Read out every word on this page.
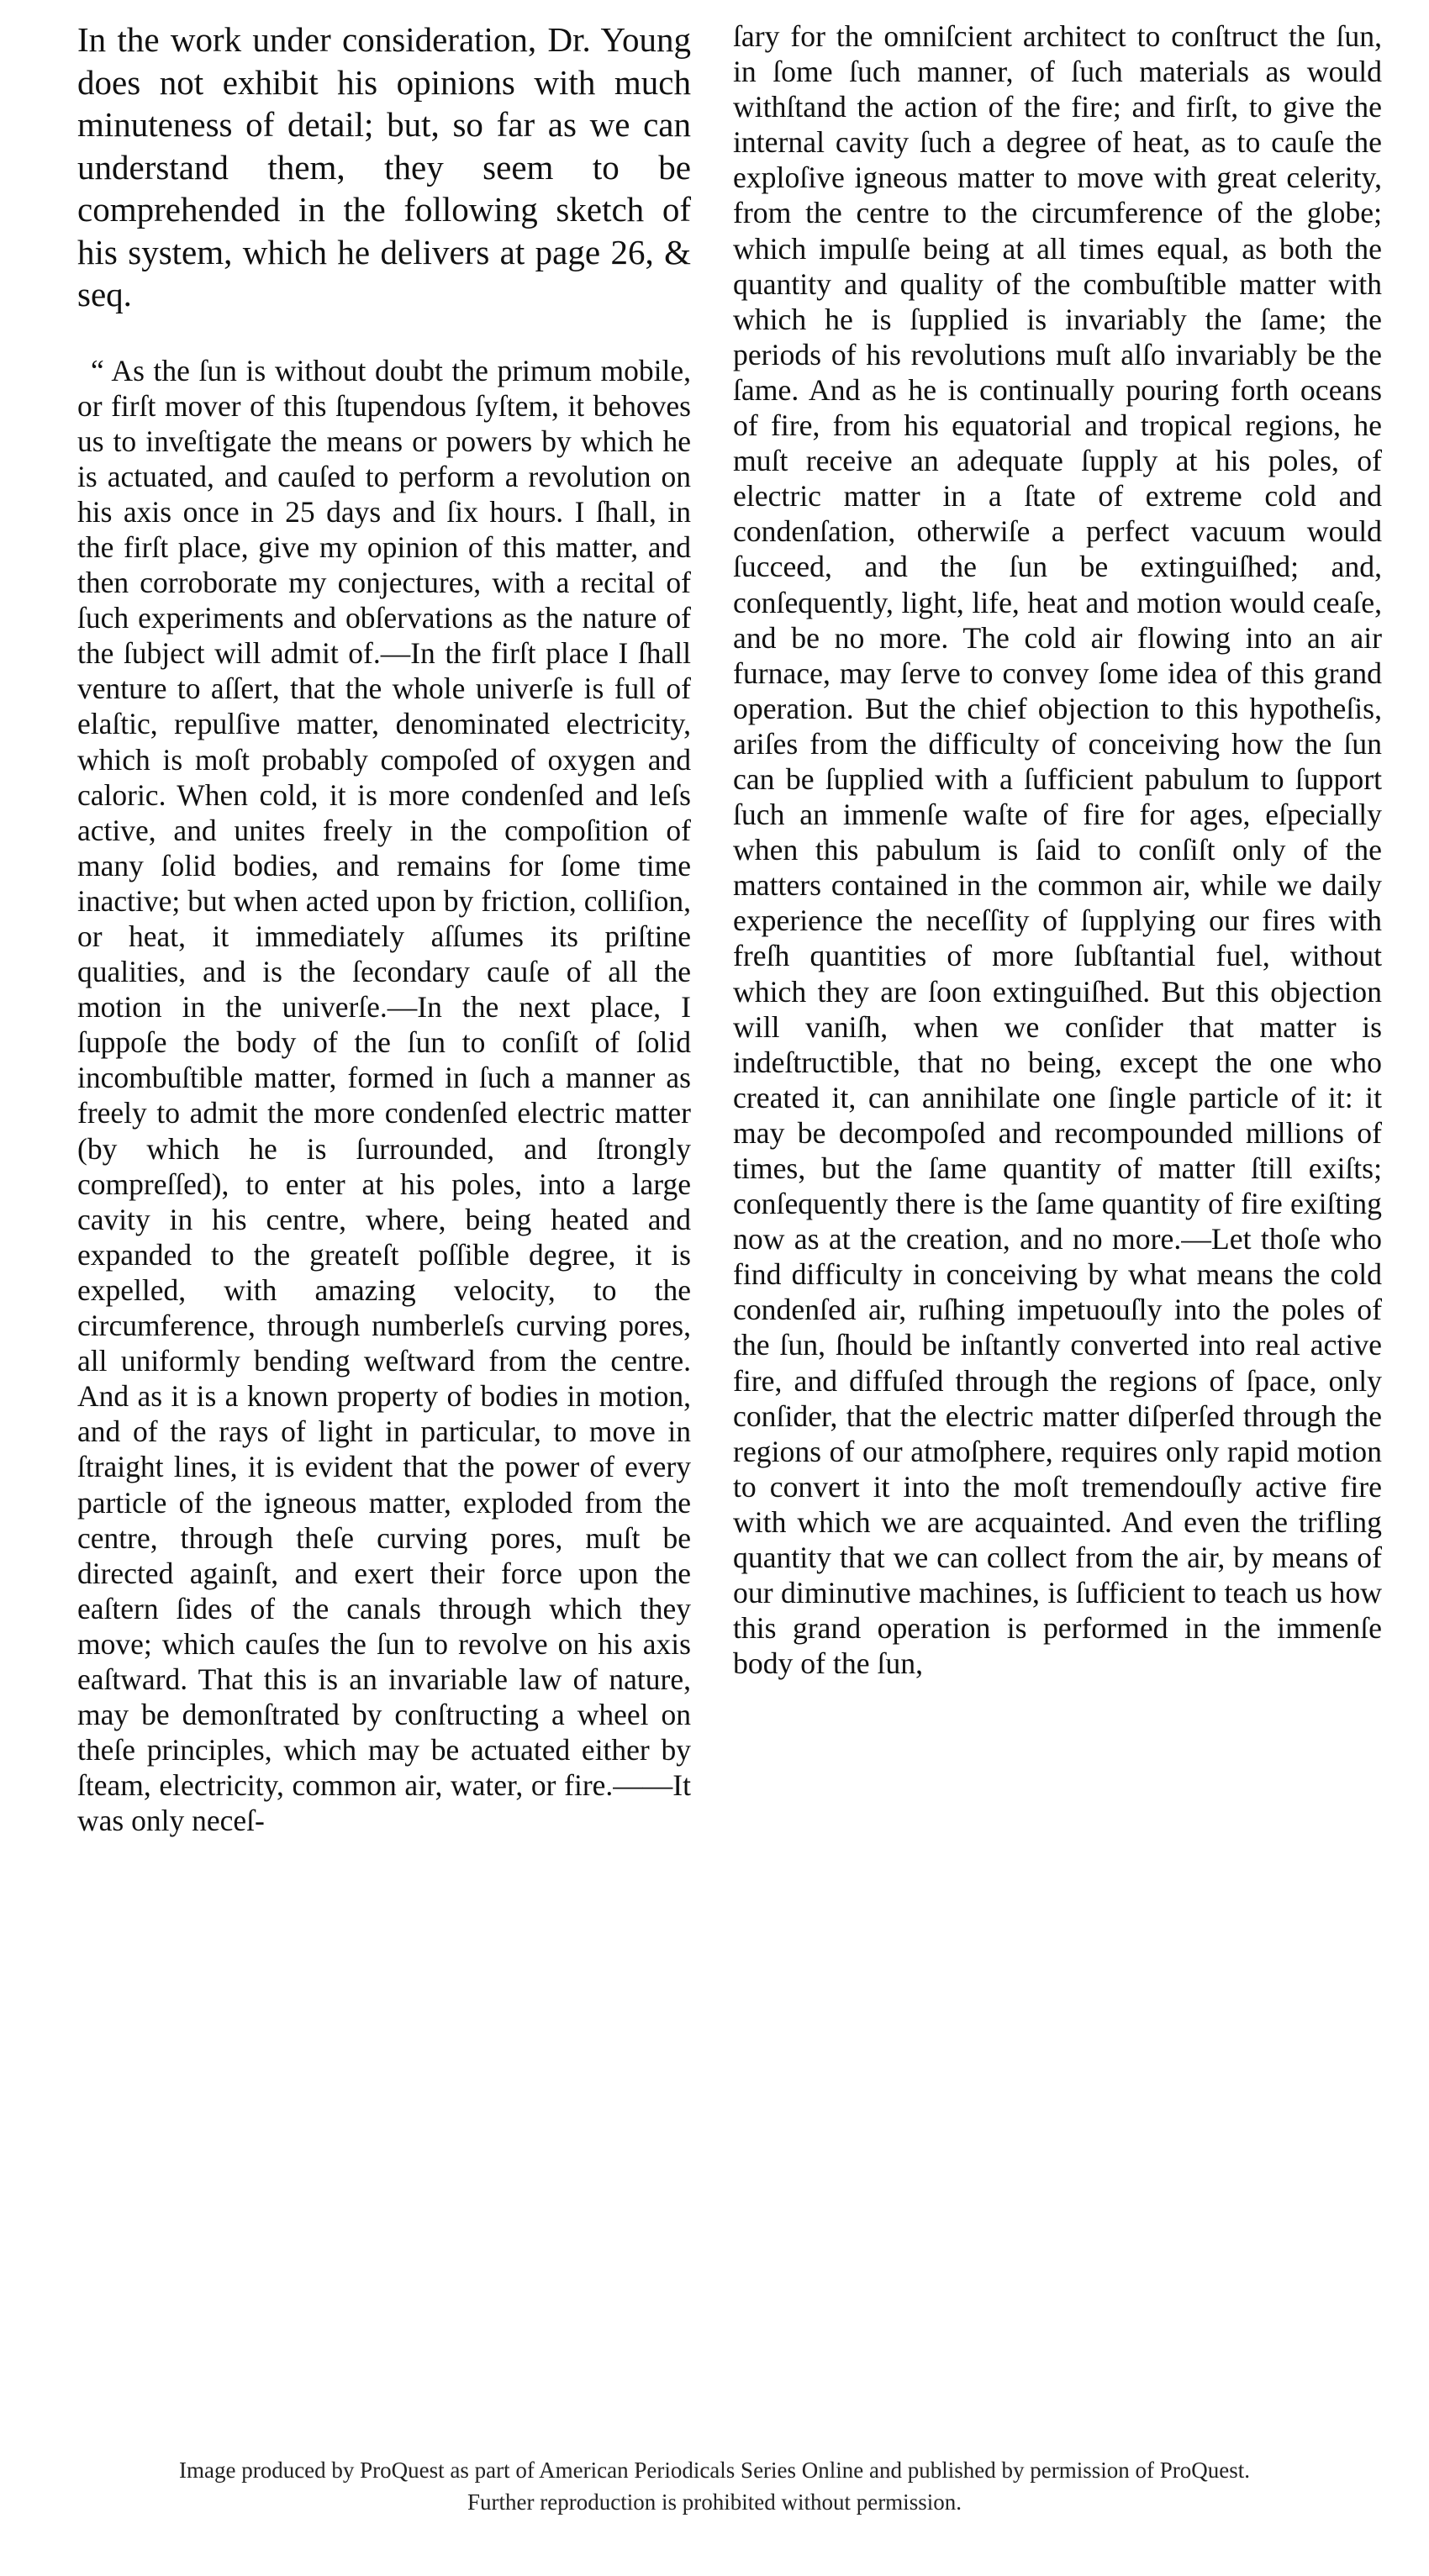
In the work under consideration, Dr. Young does not exhibit his opinions with much minuteness of detail; but, so far as we can understand them, they seem to be comprehended in the following sketch of his system, which he delivers at page 26, & seq.

“ As the ſun is without doubt the primum mobile, or firſt mover of this ſtupendous ſyſtem, it behoves us to inveſtigate the means or powers by which he is actuated, and cauſed to perform a revolution on his axis once in 25 days and ſix hours. I ſhall, in the firſt place, give my opinion of this matter, and then corroborate my conjectures, with a recital of ſuch experiments and obſervations as the nature of the ſubject will admit of.—In the firſt place I ſhall venture to aſſert, that the whole univerſe is full of elaſtic, repulſive matter, denominated electricity, which is moſt probably compoſed of oxygen and caloric. When cold, it is more condenſed and leſs active, and unites freely in the compoſition of many ſolid bodies, and remains for ſome time inactive; but when acted upon by friction, colliſion, or heat, it immediately aſſumes its priſtine qualities, and is the ſecondary cauſe of all the motion in the univerſe.—In the next place, I ſuppoſe the body of the ſun to conſiſt of ſolid incombuſtible matter, formed in ſuch a manner as freely to admit the more condenſed electric matter (by which he is ſurrounded, and ſtrongly compreſſed), to enter at his poles, into a large cavity in his centre, where, being heated and expanded to the greateſt poſſible degree, it is expelled, with amazing velocity, to the circumference, through numberleſs curving pores, all uniformly bending weſtward from the centre. And as it is a known property of bodies in motion, and of the rays of light in particular, to move in ſtraight lines, it is evident that the power of every particle of the igneous matter, exploded from the centre, through theſe curving pores, muſt be directed againſt, and exert their force upon the eaſtern ſides of the canals through which they move; which cauſes the ſun to revolve on his axis eaſtward. That this is an invariable law of nature, may be demonſtrated by conſtructing a wheel on theſe principles, which may be actuated either by ſteam, electricity, common air, water, or fire.——It was only neceſ-

ſary for the omniſcient architect to conſtruct the ſun, in ſome ſuch manner, of ſuch materials as would withſtand the action of the fire; and firſt, to give the internal cavity ſuch a degree of heat, as to cauſe the exploſive igneous matter to move with great celerity, from the centre to the circumference of the globe; which impulſe being at all times equal, as both the quantity and quality of the combuſtible matter with which he is ſupplied is invariably the ſame; the periods of his revolutions muſt alſo invariably be the ſame. And as he is continually pouring forth oceans of fire, from his equatorial and tropical regions, he muſt receive an adequate ſupply at his poles, of electric matter in a ſtate of extreme cold and condenſation, otherwiſe a perfect vacuum would ſucceed, and the ſun be extinguiſhed; and, conſequently, light, life, heat and motion would ceaſe, and be no more. The cold air flowing into an air furnace, may ſerve to convey ſome idea of this grand operation. But the chief objection to this hypotheſis, ariſes from the difficulty of conceiving how the ſun can be ſupplied with a ſufficient pabulum to ſupport ſuch an immenſe waſte of fire for ages, eſpecially when this pabulum is ſaid to conſiſt only of the matters contained in the common air, while we daily experience the neceſſity of ſupplying our fires with freſh quantities of more ſubſtantial fuel, without which they are ſoon extinguiſhed. But this objection will vaniſh, when we conſider that matter is indeſtructible, that no being, except the one who created it, can annihilate one ſingle particle of it: it may be decompoſed and recompounded millions of times, but the ſame quantity of matter ſtill exiſts; conſequently there is the ſame quantity of fire exiſting now as at the creation, and no more.—Let thoſe who find difficulty in conceiving by what means the cold condenſed air, ruſhing impetuouſly into the poles of the ſun, ſhould be inſtantly converted into real active fire, and diffuſed through the regions of ſpace, only conſider, that the electric matter diſperſed through the regions of our atmoſphere, requires only rapid motion to convert it into the moſt tremendouſly active fire with which we are acquainted. And even the trifling quantity that we can collect from the air, by means of our diminutive machines, is ſufficient to teach us how this grand operation is performed in the immenſe body of the ſun,

Image produced by ProQuest as part of American Periodicals Series Online and published by permission of ProQuest.
Further reproduction is prohibited without permission.
